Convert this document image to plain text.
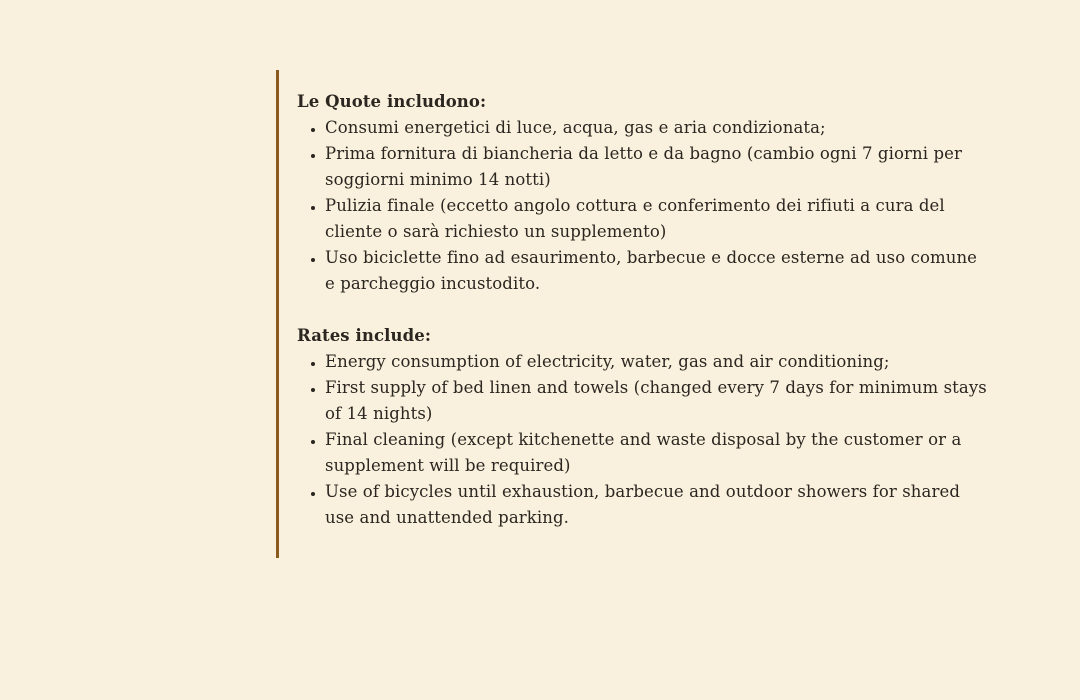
Le Quote includono:

• Consumi energetici di luce, acqua, gas e aria condizionata;
• Prima fornitura di biancheria da letto e da bagno (cambio ogni 7 giorni per soggiorni minimo 14 notti)
• Pulizia finale (eccetto angolo cottura e conferimento dei rifiuti a cura del cliente o sarà richiesto un supplemento)
• Uso biciclette fino ad esaurimento, barbecue e docce esterne ad uso comune e parcheggio incustodito.

Rates include:

• Energy consumption of electricity, water, gas and air conditioning;
• First supply of bed linen and towels (changed every 7 days for minimum stays of 14 nights)
• Final cleaning (except kitchenette and waste disposal by the customer or a supplement will be required)
• Use of bicycles until exhaustion, barbecue and outdoor showers for shared use and unattended parking.
